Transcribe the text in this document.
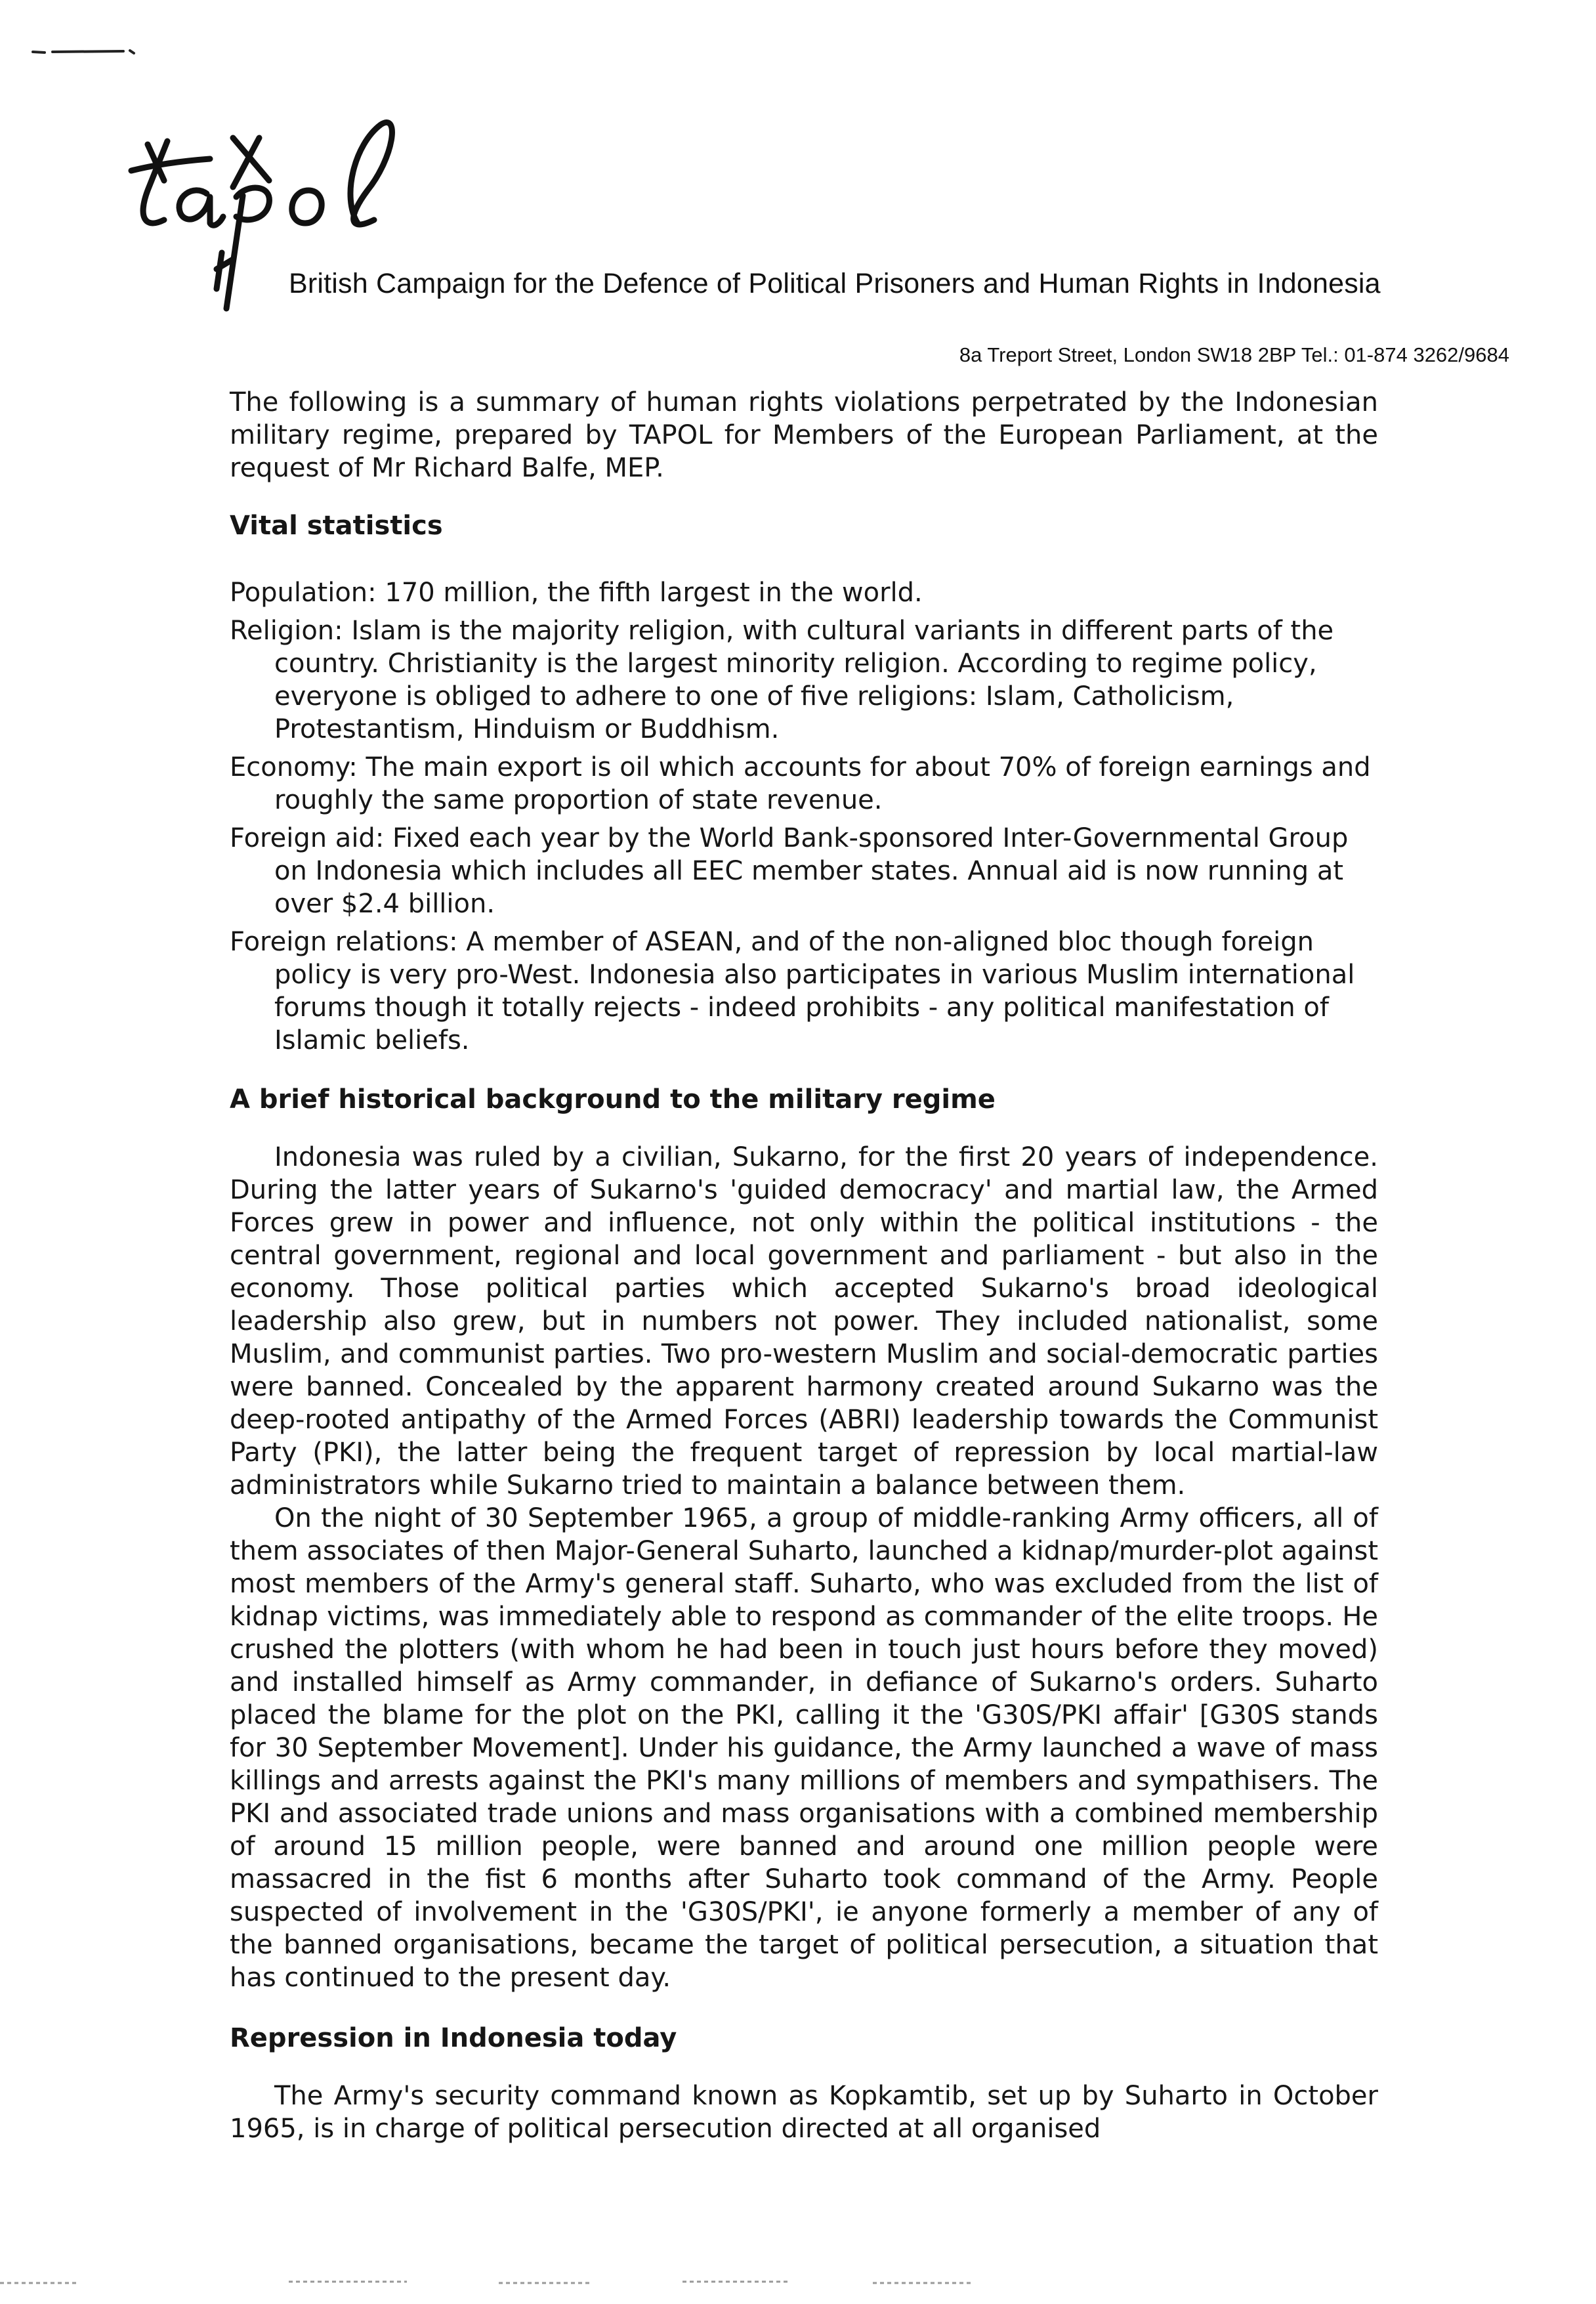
British Campaign for the Defence of Political Prisoners and Human Rights in Indonesia
8a Treport Street, London SW18 2BP Tel.: 01-874 3262/9684

The following is a summary of human rights violations perpetrated by the Indonesian military regime, prepared by TAPOL for Members of the European Parliament, at the request of Mr Richard Balfe, MEP.

Vital statistics
Population: 170 million, the fifth largest in the world.
Religion: Islam is the majority religion, with cultural variants in different parts of the country. Christianity is the largest minority religion. According to regime policy, everyone is obliged to adhere to one of five religions: Islam, Catholicism, Protestantism, Hinduism or Buddhism.
Economy: The main export is oil which accounts for about 70% of foreign earnings and roughly the same proportion of state revenue.
Foreign aid: Fixed each year by the World Bank-sponsored Inter-Governmental Group on Indonesia which includes all EEC member states. Annual aid is now running at over $2.4 billion.
Foreign relations: A member of ASEAN, and of the non-aligned bloc though foreign policy is very pro-West. Indonesia also participates in various Muslim international forums though it totally rejects - indeed prohibits - any political manifestation of Islamic beliefs.
A brief historical background to the military regime

Indonesia was ruled by a civilian, Sukarno, for the first 20 years of independence. During the latter years of Sukarno's 'guided democracy' and martial law, the Armed Forces grew in power and influence, not only within the political institutions - the central government, regional and local government and parliament - but also in the economy. Those political parties which accepted Sukarno's broad ideological leadership also grew, but in numbers not power. They included nationalist, some Muslim, and communist parties. Two pro-western Muslim and social-democratic parties were banned. Concealed by the apparent harmony created around Sukarno was the deep-rooted antipathy of the Armed Forces (ABRI) leadership towards the Communist Party (PKI), the latter being the frequent target of repression by local martial-law administrators while Sukarno tried to maintain a balance between them.

On the night of 30 September 1965, a group of middle-ranking Army officers, all of them associates of then Major-General Suharto, launched a kidnap/murder-plot against most members of the Army's general staff. Suharto, who was excluded from the list of kidnap victims, was immediately able to respond as commander of the elite troops. He crushed the plotters (with whom he had been in touch just hours before they moved) and installed himself as Army commander, in defiance of Sukarno's orders. Suharto placed the blame for the plot on the PKI, calling it the 'G30S/PKI affair' [G30S stands for 30 September Movement]. Under his guidance, the Army launched a wave of mass killings and arrests against the PKI's many millions of members and sympathisers. The PKI and associated trade unions and mass organisations with a combined membership of around 15 million people, were banned and around one million people were massacred in the fist 6 months after Suharto took command of the Army. People suspected of involvement in the 'G30S/PKI', ie anyone formerly a member of any of the banned organisations, became the target of political persecution, a situation that has continued to the present day.

Repression in Indonesia today

The Army's security command known as Kopkamtib, set up by Suharto in October 1965, is in charge of political persecution directed at all organised
